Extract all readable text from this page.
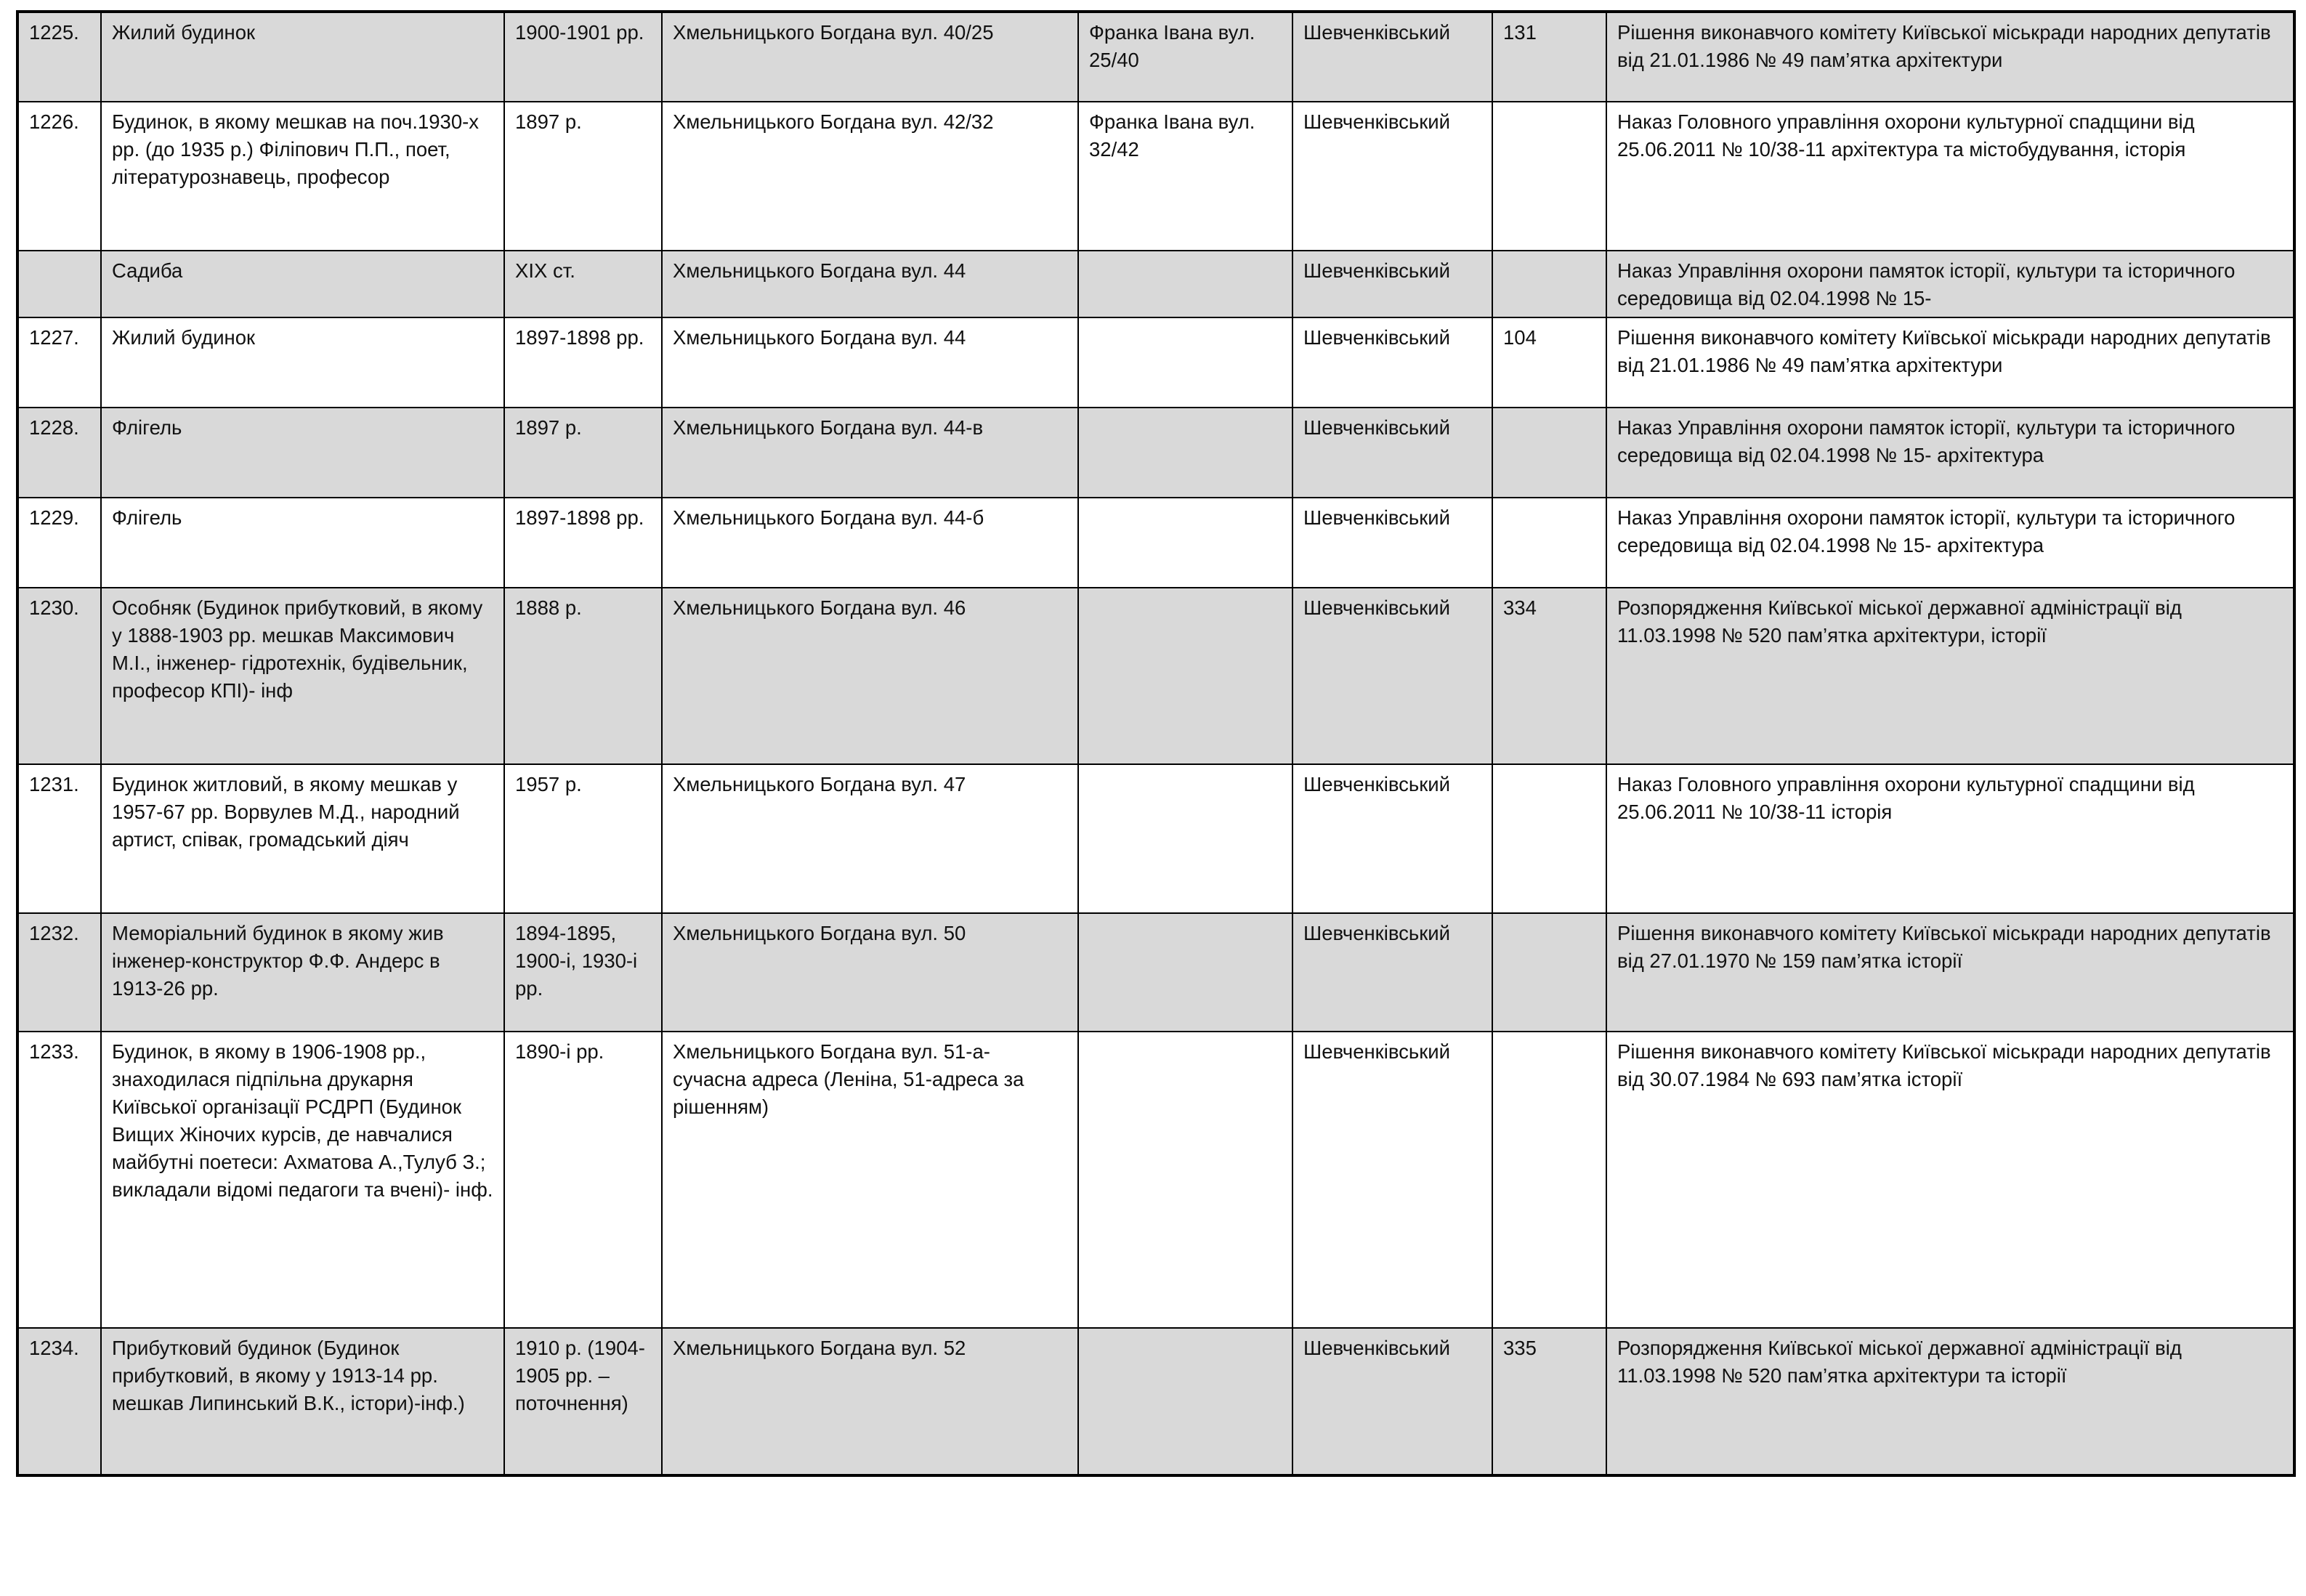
1225.	Жилий будинок	1900-1901 рр.	Хмельницького Богдана вул. 40/25	Франка Івана вул. 25/40	Шевченківський	131	Рішення виконавчого комітету Київської міськради народних депутатів від 21.01.1986 № 49 пам’ятка архітектури
1226.	Будинок, в якому мешкав на поч.1930-х рр. (до 1935 р.) Філіпович П.П., поет, літературознавець, професор	1897 р.	Хмельницького Богдана вул. 42/32	Франка Івана вул. 32/42	Шевченківський		Наказ Головного управління охорони культурної спадщини від 25.06.2011 № 10/38-11 архітектура та містобудування, історія
	Садиба	XIX ст.	Хмельницького Богдана вул. 44		Шевченківський		Наказ Управління охорони памяток історії, культури та історичного середовища від 02.04.1998 № 15-
1227.	Жилий будинок	1897-1898 рр.	Хмельницького Богдана вул. 44		Шевченківський	104	Рішення виконавчого комітету Київської міськради народних депутатів від 21.01.1986 № 49 пам’ятка архітектури
1228.	Флігель	1897 р.	Хмельницького Богдана вул. 44-в		Шевченківський		Наказ Управління охорони памяток історії, культури та історичного середовища від 02.04.1998 № 15- архітектура
1229.	Флігель	1897-1898 рр.	Хмельницького Богдана вул. 44-б		Шевченківський		Наказ Управління охорони памяток історії, культури та історичного середовища від 02.04.1998 № 15- архітектура
1230.	Особняк (Будинок прибутковий, в якому у 1888-1903 рр. мешкав Максимович М.І., інженер- гідротехнік, будівельник, професор КПІ)- інф	1888 р.	Хмельницького Богдана вул. 46		Шевченківський	334	Розпорядження Київської міської державної адміністрації від 11.03.1998 № 520 пам’ятка архітектури, історії
1231.	Будинок житловий, в якому мешкав у 1957-67 рр. Ворвулев М.Д., народний артист, співак, громадський діяч	1957 р.	Хмельницького Богдана вул. 47		Шевченківський		Наказ Головного управління охорони культурної спадщини від 25.06.2011 № 10/38-11 історія
1232.	Меморіальний будинок в якому жив інженер-конструктор Ф.Ф. Андерс в 1913-26 рр.	1894-1895, 1900-і, 1930-і рр.	Хмельницького Богдана вул. 50		Шевченківський		Рішення виконавчого комітету Київської міськради народних депутатів від 27.01.1970 № 159 пам’ятка історії
1233.	Будинок, в якому в 1906-1908 рр., знаходилася підпільна друкарня Київської організації РСДРП (Будинок Вищих Жіночих курсів, де навчалися майбутні поетеси: Ахматова А.,Тулуб З.; викладали відомі педагоги та вчені)- інф.	1890-і рр.	Хмельницького Богдана вул. 51-а- сучасна адреса (Леніна, 51-адреса за рішенням)		Шевченківський		Рішення виконавчого комітету Київської міськради народних депутатів від 30.07.1984 № 693 пам’ятка історії
1234.	Прибутковий будинок (Будинок прибутковий, в якому у 1913-14 рр. мешкав Липинський В.К., істори)-інф.)	1910 р. (1904-1905 рр. – поточнення)	Хмельницького Богдана вул. 52		Шевченківський	335	Розпорядження Київської міської державної адміністрації від 11.03.1998 № 520 пам’ятка архітектури та історії
